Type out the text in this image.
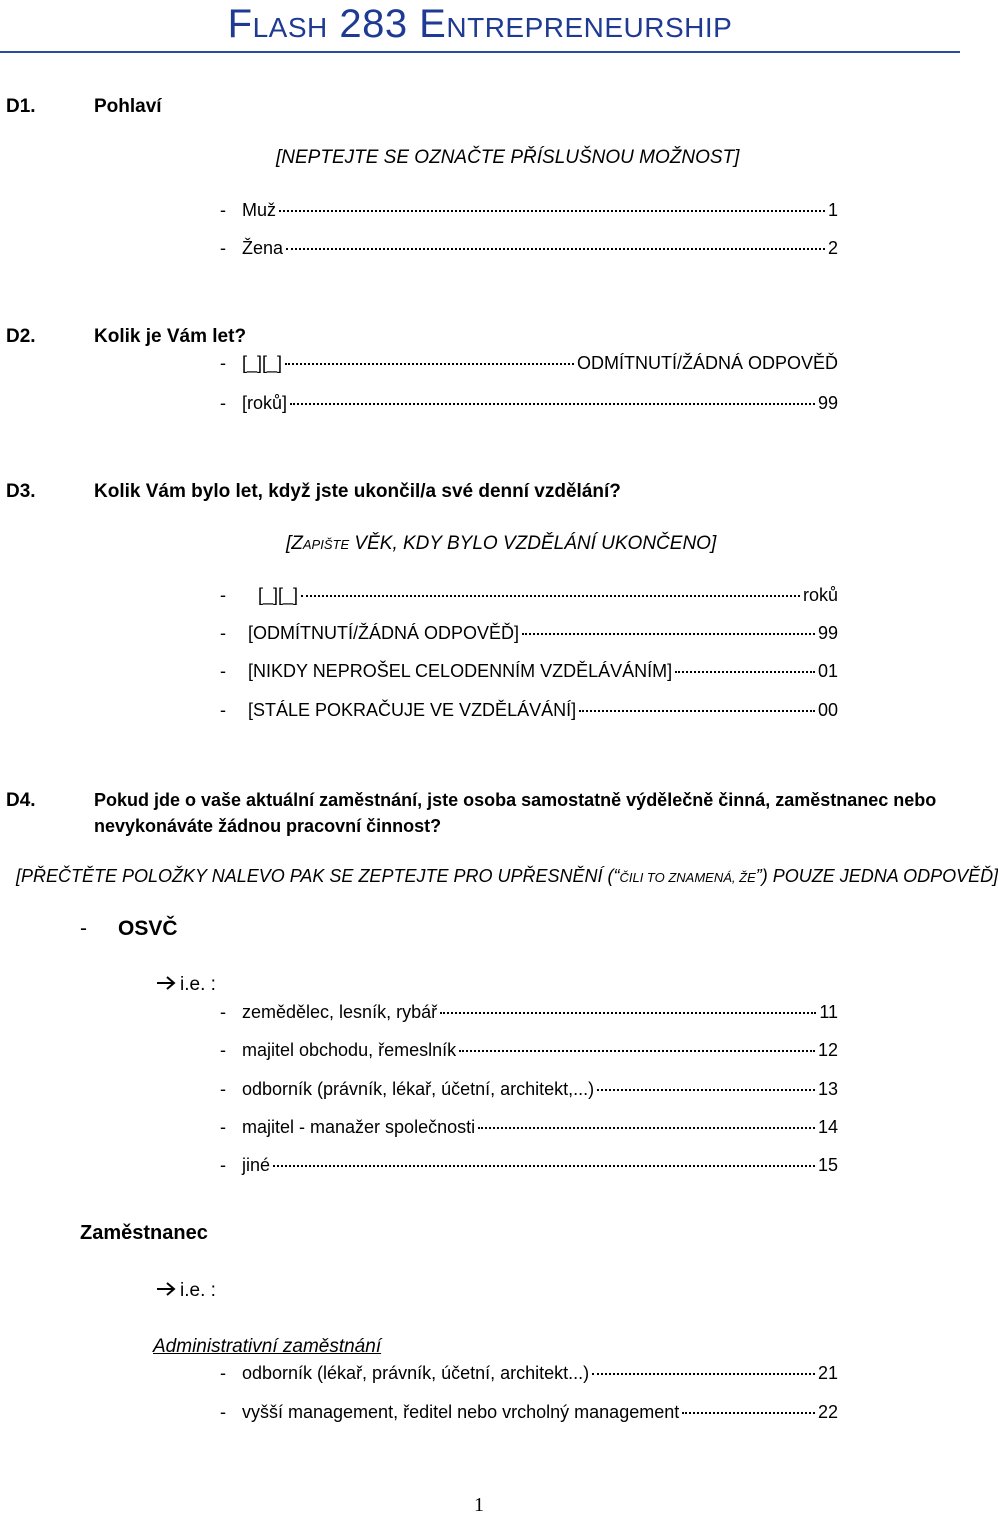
Flash 283 Entrepreneurship
D1.	Pohlaví
[NEPTEJTE SE OZNAČTE PŘÍSLUŠNOU MOŽNOST]
- Muž	1
- Žena	2
D2.	Kolik je Vám let?
- [_][_]	ODMÍTNUTÍ/ŽÁDNÁ ODPOVĚĎ
- [roků]	99
D3.	Kolik Vám bylo let, když jste ukončil/a své denní vzdělání?
[ZAPIŠTE VĚK, KDY BYLO VZDĚLÁNÍ UKONČENO]
-	[_][_]	roků
-	[ODMÍTNUTÍ/ŽÁDNÁ ODPOVĚĎ]	99
-	[NIKDY NEPROŠEL CELODENNÍM VZDĚLÁVÁNÍM]	01
-	[STÁLE POKRAČUJE VE VZDĚLÁVÁNÍ]	00
D4.	Pokud jde o vaše aktuální zaměstnání, jste osoba samostatně výdělečně činná, zaměstnanec nebo
nevykonáváte žádnou pracovní činnost?
[PŘEČTĚTE POLOŽKY NALEVO PAK SE ZEPTEJTE PRO UPŘESNĚNÍ (“ČILI TO ZNAMENÁ, ŽE”) POUZE JEDNA ODPOVĚĎ]
- OSVČ
i.e. :
- zemědělec, lesník, rybář	11
- majitel obchodu, řemeslník	12
- odborník (právník, lékař, účetní, architekt,...)	13
- majitel - manažer společnosti	14
- jiné	15
Zaměstnanec
i.e. :
Administrativní zaměstnání
- odborník (lékař, právník, účetní, architekt...)	21
- vyšší management, ředitel nebo vrcholný management	22
1
